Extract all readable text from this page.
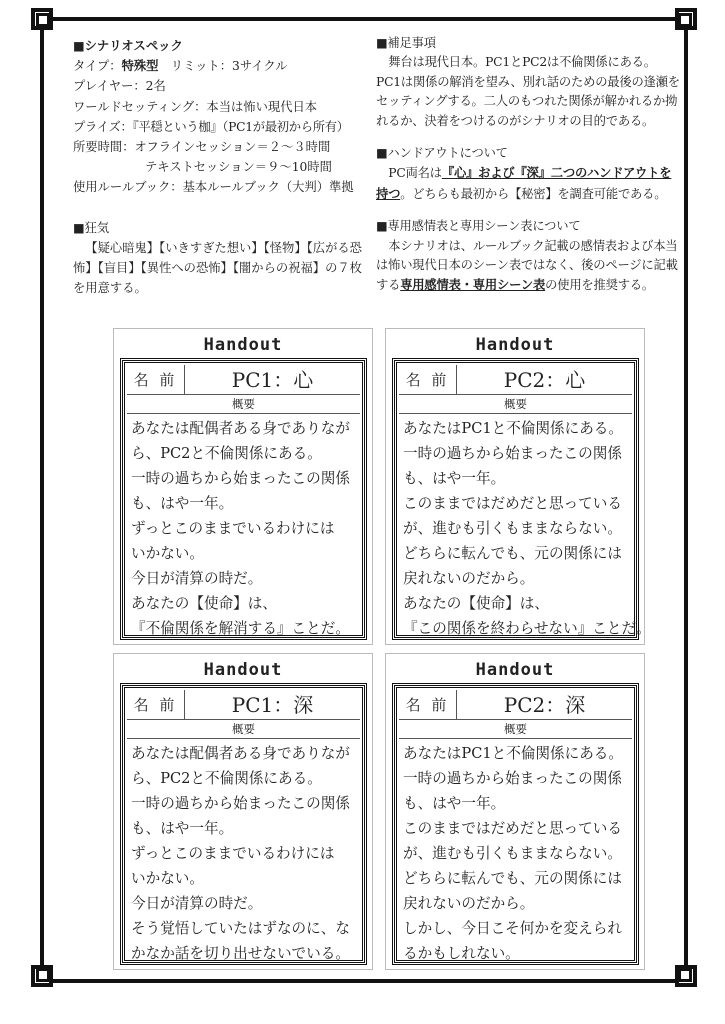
■シナリオスペック
タイプ：特殊型　リミット：3サイクル
プレイヤー：2名
ワールドセッティング：本当は怖い現代日本
プライズ：『平穏という枷』（PC1が最初から所有）
所要時間：オフラインセッション＝２～３時間
テキストセッション＝９～10時間
使用ルールブック：基本ルールブック（大判）準拠
■狂気
【疑心暗鬼】【いきすぎた想い】【怪物】【広がる恐怖】【盲目】【異性への恐怖】【闇からの祝福】の７枚を用意する。
■補足事項
舞台は現代日本。PC1とPC2は不倫関係にある。PC1は関係の解消を望み、別れ話のための最後の逢瀬をセッティングする。二人のもつれた関係が解かれるか拗れるか、決着をつけるのがシナリオの目的である。
■ハンドアウトについて
PC両名は『心』および『深』二つのハンドアウトを持つ。どちらも最初から【秘密】を調査可能である。
■専用感情表と専用シーン表について
本シナリオは、ルールブック記載の感情表および本当は怖い現代日本のシーン表ではなく、後のページに記載する専用感情表・専用シーン表の使用を推奨する。
Handout
名 前	PC1：心
概要
あなたは配偶者ある身でありなが
ら、PC2と不倫関係にある。
一時の過ちから始まったこの関係
も、はや一年。
ずっとこのままでいるわけには
いかない。
今日が清算の時だ。
あなたの【使命】は、
『不倫関係を解消する』ことだ。
Handout
名 前	PC2：心
概要
あなたはPC1と不倫関係にある。
一時の過ちから始まったこの関係
も、はや一年。
このままではだめだと思っている
が、進むも引くもままならない。
どちらに転んでも、元の関係には
戻れないのだから。
あなたの【使命】は、
『この関係を終わらせない』ことだ。
Handout
名 前	PC1：深
概要
あなたは配偶者ある身でありなが
ら、PC2と不倫関係にある。
一時の過ちから始まったこの関係
も、はや一年。
ずっとこのままでいるわけには
いかない。
今日が清算の時だ。
そう覚悟していたはずなのに、な
かなか話を切り出せないでいる。
Handout
名 前	PC2：深
概要
あなたはPC1と不倫関係にある。
一時の過ちから始まったこの関係
も、はや一年。
このままではだめだと思っている
が、進むも引くもままならない。
どちらに転んでも、元の関係には
戻れないのだから。
しかし、今日こそ何かを変えられ
るかもしれない。
